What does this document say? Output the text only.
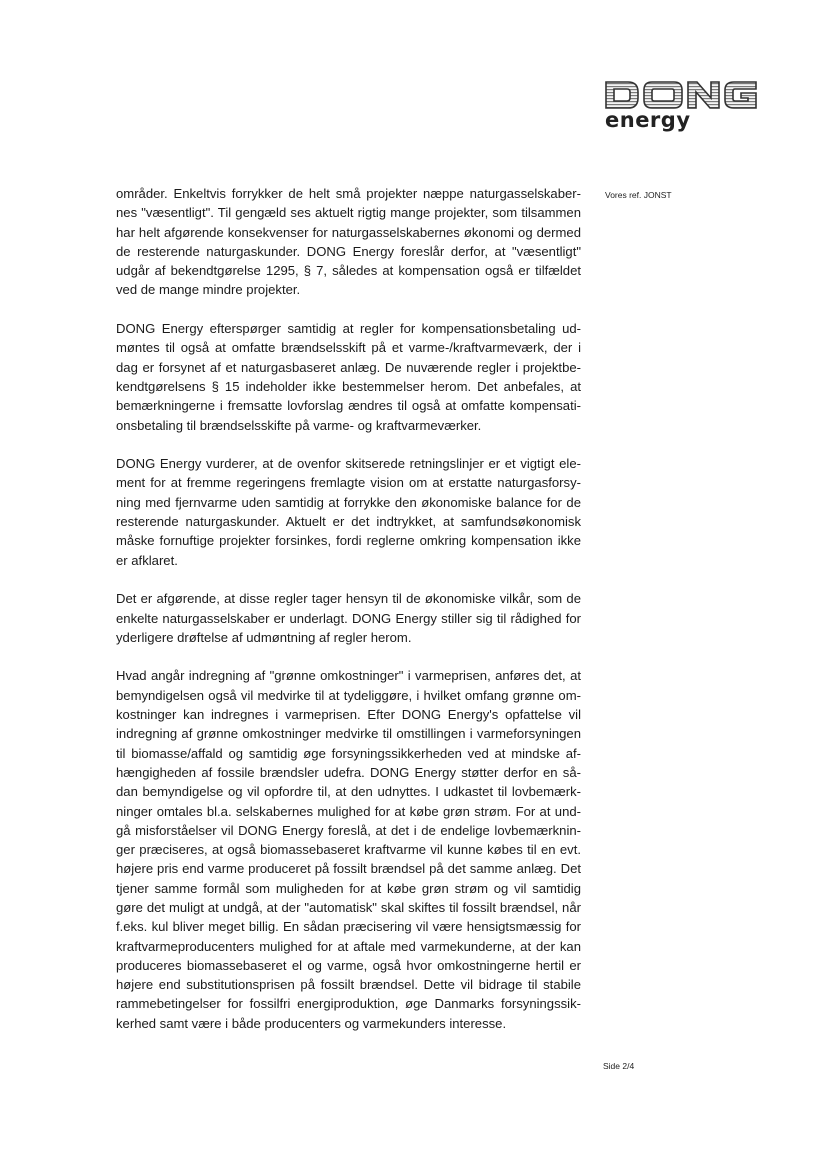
DONG
energy
Vores ref. JONST
områder. Enkeltvis forrykker de helt små projekter næppe naturgasselskaber-
nes "væsentligt". Til gengæld ses aktuelt rigtig mange projekter, som tilsammen
har helt afgørende konsekvenser for naturgasselskabernes økonomi og dermed
de resterende naturgaskunder. DONG Energy foreslår derfor, at "væsentligt"
udgår af bekendtgørelse 1295, § 7, således at kompensation også er tilfældet
ved de mange mindre projekter.
DONG Energy efterspørger samtidig at regler for kompensationsbetaling ud-
møntes til også at omfatte brændselsskift på et varme-/kraftvarmeværk, der i
dag er forsynet af et naturgasbaseret anlæg. De nuværende regler i projektbe-
kendtgørelsens § 15 indeholder ikke bestemmelser herom. Det anbefales, at
bemærkningerne i fremsatte lovforslag ændres til også at omfatte kompensati-
onsbetaling til brændselsskifte på varme- og kraftvarmeværker.
DONG Energy vurderer, at de ovenfor skitserede retningslinjer er et vigtigt ele-
ment for at fremme regeringens fremlagte vision om at erstatte naturgasforsy-
ning med fjernvarme uden samtidig at forrykke den økonomiske balance for de
resterende naturgaskunder. Aktuelt er det indtrykket, at samfundsøkonomisk
måske fornuftige projekter forsinkes, fordi reglerne omkring kompensation ikke
er afklaret.
Det er afgørende, at disse regler tager hensyn til de økonomiske vilkår, som de
enkelte naturgasselskaber er underlagt. DONG Energy stiller sig til rådighed for
yderligere drøftelse af udmøntning af regler herom.
Hvad angår indregning af "grønne omkostninger" i varmeprisen, anføres det, at
bemyndigelsen også vil medvirke til at tydeliggøre, i hvilket omfang grønne om-
kostninger kan indregnes i varmeprisen. Efter DONG Energy's opfattelse vil
indregning af grønne omkostninger medvirke til omstillingen i varmeforsyningen
til biomasse/affald og samtidig øge forsyningssikkerheden ved at mindske af-
hængigheden af fossile brændsler udefra. DONG Energy støtter derfor en så-
dan bemyndigelse og vil opfordre til, at den udnyttes. I udkastet til lovbemærk-
ninger omtales bl.a. selskabernes mulighed for at købe grøn strøm. For at und-
gå misforståelser vil DONG Energy foreslå, at det i de endelige lovbemærknin-
ger præciseres, at også biomassebaseret kraftvarme vil kunne købes til en evt.
højere pris end varme produceret på fossilt brændsel på det samme anlæg. Det
tjener samme formål som muligheden for at købe grøn strøm og vil samtidig
gøre det muligt at undgå, at der "automatisk" skal skiftes til fossilt brændsel, når
f.eks. kul bliver meget billig. En sådan præcisering vil være hensigtsmæssig for
kraftvarmeproducenters mulighed for at aftale med varmekunderne, at der kan
produceres biomassebaseret el og varme, også hvor omkostningerne hertil er
højere end substitutionsprisen på fossilt brændsel. Dette vil bidrage til stabile
rammebetingelser for fossilfri energiproduktion, øge Danmarks forsyningssik-
kerhed samt være i både producenters og varmekunders interesse.
Side 2/4
